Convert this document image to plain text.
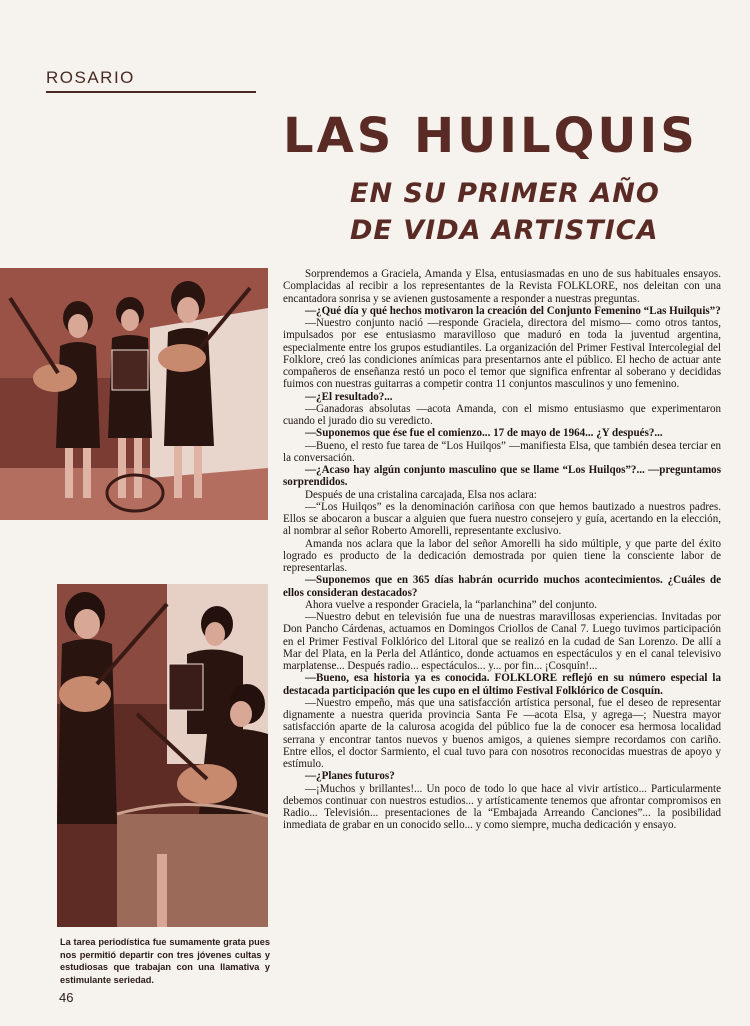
ROSARIO
LAS HUILQUIS
EN SU PRIMER AÑO
DE VIDA ARTISTICA
La tarea periodística fue sumamente grata pues nos permitió departir con tres jóvenes cultas y estudiosas que trabajan con una llamativa y estimulante seriedad.
46

Sorprendemos a Graciela, Amanda y Elsa, entusiasmadas en uno de sus habituales ensayos. Complacidas al recibir a los representantes de la Revista FOLKLORE, nos deleitan con una encantadora sonrisa y se avienen gustosamente a responder a nuestras preguntas.

—¿Qué día y qué hechos motivaron la creación del Conjunto Femenino “Las Huilquis”?

—Nuestro conjunto nació —responde Graciela, directora del mismo— como otros tantos, impulsados por ese entusiasmo maravilloso que maduró en toda la juventud argentina, especialmente entre los grupos estudiantiles. La organización del Primer Festival Intercolegial del Folklore, creó las condiciones anímicas para presentarnos ante el público. El hecho de actuar ante compañeros de enseñanza restó un poco el temor que significa enfrentar al soberano y decididas fuimos con nuestras guitarras a competir contra 11 conjuntos masculinos y uno femenino.

—¿El resultado?...

—Ganadoras absolutas —acota Amanda, con el mismo entusiasmo que experimentaron cuando el jurado dio su veredicto.

—Suponemos que ése fue el comienzo... 17 de mayo de 1964... ¿Y después?...

—Bueno, el resto fue tarea de “Los Huilqos” —manifiesta Elsa, que también desea terciar en la conversación.

—¿Acaso hay algún conjunto masculino que se llame “Los Huilqos”?... —preguntamos sorprendidos.

Después de una cristalina carcajada, Elsa nos aclara:

—“Los Huilqos” es la denominación cariñosa con que hemos bautizado a nuestros padres. Ellos se abocaron a buscar a alguien que fuera nuestro consejero y guía, acertando en la elección, al nombrar al señor Roberto Amorelli, representante exclusivo.

Amanda nos aclara que la labor del señor Amorelli ha sido múltiple, y que parte del éxito logrado es producto de la dedicación demostrada por quien tiene la consciente labor de representarlas.

—Suponemos que en 365 días habrán ocurrido muchos acontecimientos. ¿Cuáles de ellos consideran destacados?

Ahora vuelve a responder Graciela, la “parlanchina” del conjunto.

—Nuestro debut en televisión fue una de nuestras maravillosas experiencias. Invitadas por Don Pancho Cárdenas, actuamos en Domingos Criollos de Canal 7. Luego tuvimos participación en el Primer Festival Folklórico del Litoral que se realizó en la cudad de San Lorenzo. De allí a Mar del Plata, en la Perla del Atlántico, donde actuamos en espectáculos y en el canal televisivo marplatense... Después radio... espectáculos... y... por fin... ¡Cosquín!...

—Bueno, esa historia ya es conocida. FOLKLORE reflejó en su número especial la destacada participación que les cupo en el último Festival Folklórico de Cosquín.

—Nuestro empeño, más que una satisfacción artística personal, fue el deseo de representar dignamente a nuestra querida provincia Santa Fe —acota Elsa, y agrega—; Nuestra mayor satisfacción aparte de la calurosa acogida del público fue la de conocer esa hermosa localidad serrana y encontrar tantos nuevos y buenos amigos, a quienes siempre recordamos con cariño. Entre ellos, el doctor Sarmiento, el cual tuvo para con nosotros reconocidas muestras de apoyo y estímulo.

—¿Planes futuros?

—¡Muchos y brillantes!... Un poco de todo lo que hace al vivir artístico... Particularmente debemos continuar con nuestros estudios... y artísticamente tenemos que afrontar compromisos en Radio... Televisión... presentaciones de la “Embajada Arreando Canciones”... la posibilidad inmediata de grabar en un conocido sello... y como siempre, mucha dedicación y ensayo.
